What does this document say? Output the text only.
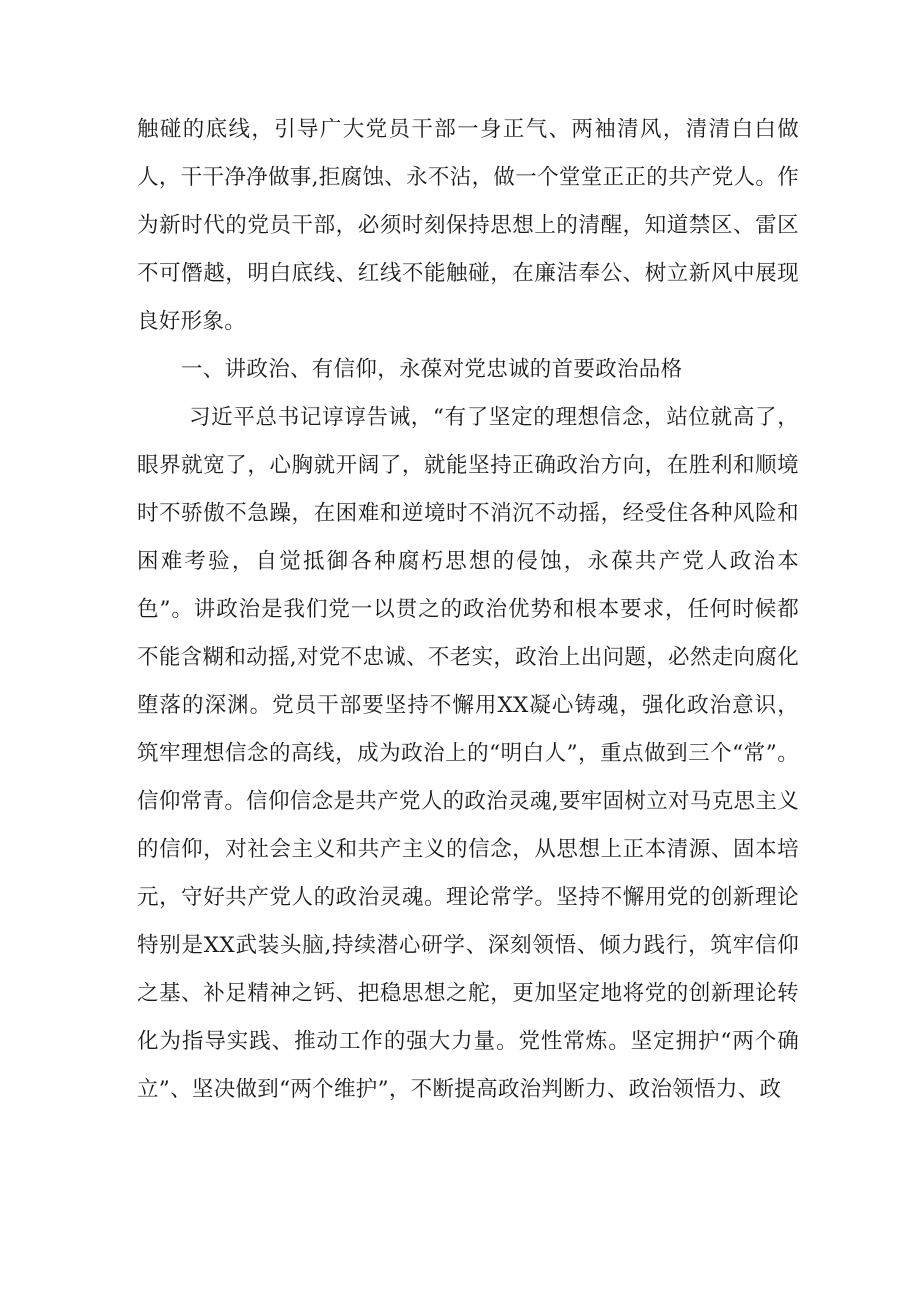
触碰的底线，引导广大党员干部一身正气、两袖清风，清清白白做人，干干净净做事,拒腐蚀、永不沾，做一个堂堂正正的共产党人。作为新时代的党员干部，必须时刻保持思想上的清醒，知道禁区、雷区不可僭越，明白底线、红线不能触碰，在廉洁奉公、树立新风中展现良好形象。

一、讲政治、有信仰，永葆对党忠诚的首要政治品格

习近平总书记谆谆告诫，“有了坚定的理想信念，站位就高了，眼界就宽了，心胸就开阔了，就能坚持正确政治方向，在胜利和顺境时不骄傲不急躁，在困难和逆境时不消沉不动摇，经受住各种风险和困难考验，自觉抵御各种腐朽思想的侵蚀，永葆共产党人政治本色”。讲政治是我们党一以贯之的政治优势和根本要求，任何时候都不能含糊和动摇,对党不忠诚、不老实，政治上出问题，必然走向腐化堕落的深渊。党员干部要坚持不懈用XX凝心铸魂，强化政治意识，筑牢理想信念的高线，成为政治上的“明白人”，重点做到三个“常”。信仰常青。信仰信念是共产党人的政治灵魂,要牢固树立对马克思主义的信仰，对社会主义和共产主义的信念，从思想上正本清源、固本培元，守好共产党人的政治灵魂。理论常学。坚持不懈用党的创新理论特别是XX武装头脑,持续潜心研学、深刻领悟、倾力践行，筑牢信仰之基、补足精神之钙、把稳思想之舵，更加坚定地将党的创新理论转化为指导实践、推动工作的强大力量。党性常炼。坚定拥护“两个确立”、坚决做到“两个维护”，不断提高政治判断力、政治领悟力、政
